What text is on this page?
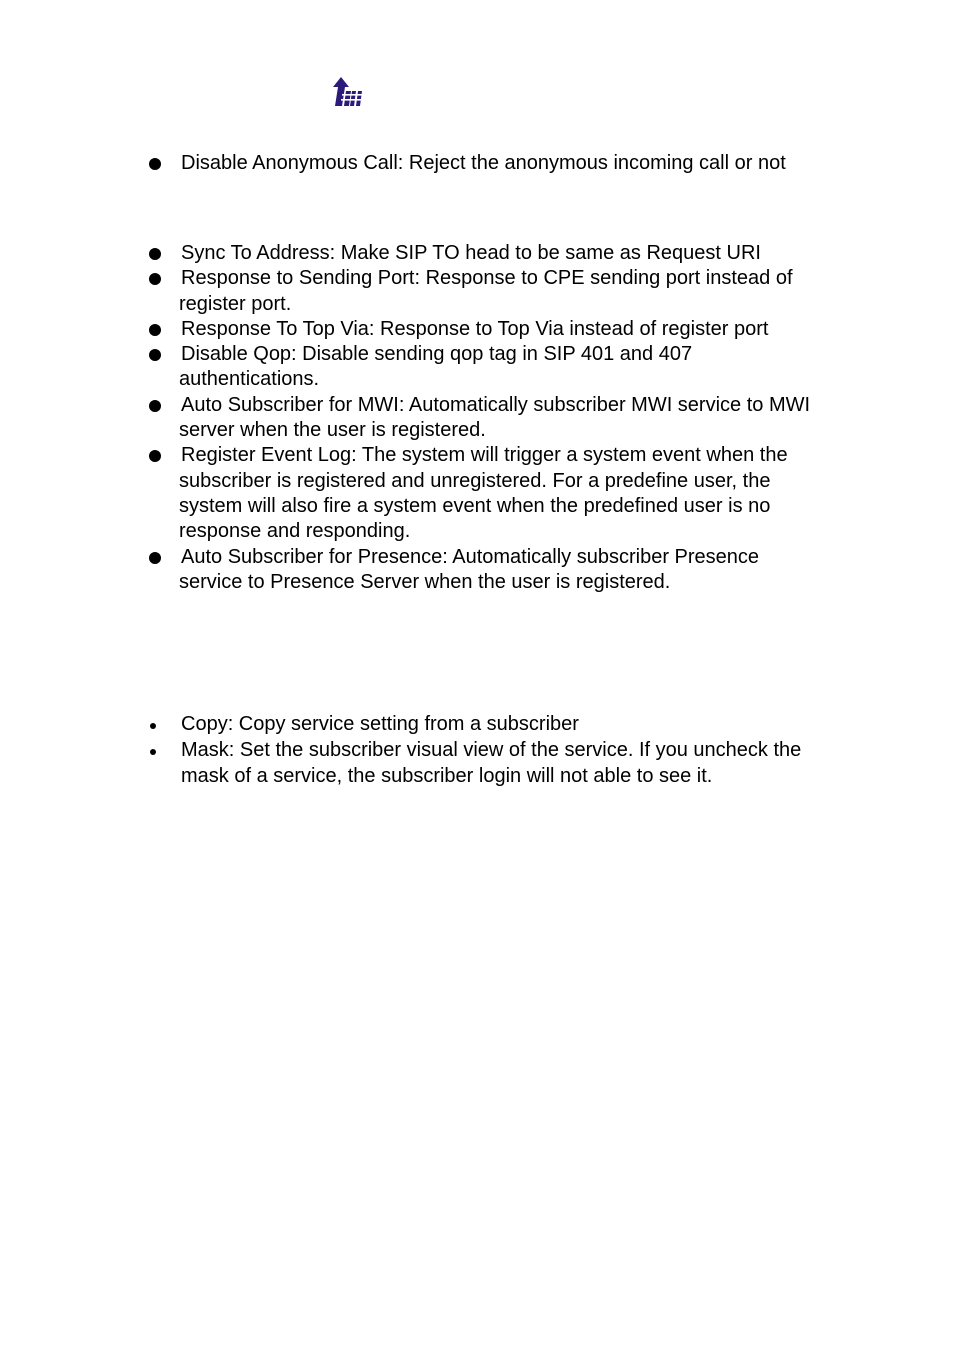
Disable Anonymous Call: Reject the anonymous incoming call or not
Sync To Address: Make SIP TO head to be same as Request URI
Response to Sending Port: Response to CPE sending port instead of register port.
Response To Top Via: Response to Top Via instead of register port
Disable Qop: Disable sending qop tag in SIP 401 and 407 authentications.
Auto Subscriber for MWI: Automatically subscriber MWI service to MWI server when the user is registered.
Register Event Log: The system will trigger a system event when the subscriber is registered and unregistered. For a predefine user, the system will also fire a system event when the predefined user is no response and responding.
Auto Subscriber for Presence: Automatically subscriber Presence service to Presence Server when the user is registered.
Copy: Copy service setting from a subscriber
Mask: Set the subscriber visual view of the service. If you uncheck the mask of a service, the subscriber login will not able to see it.
